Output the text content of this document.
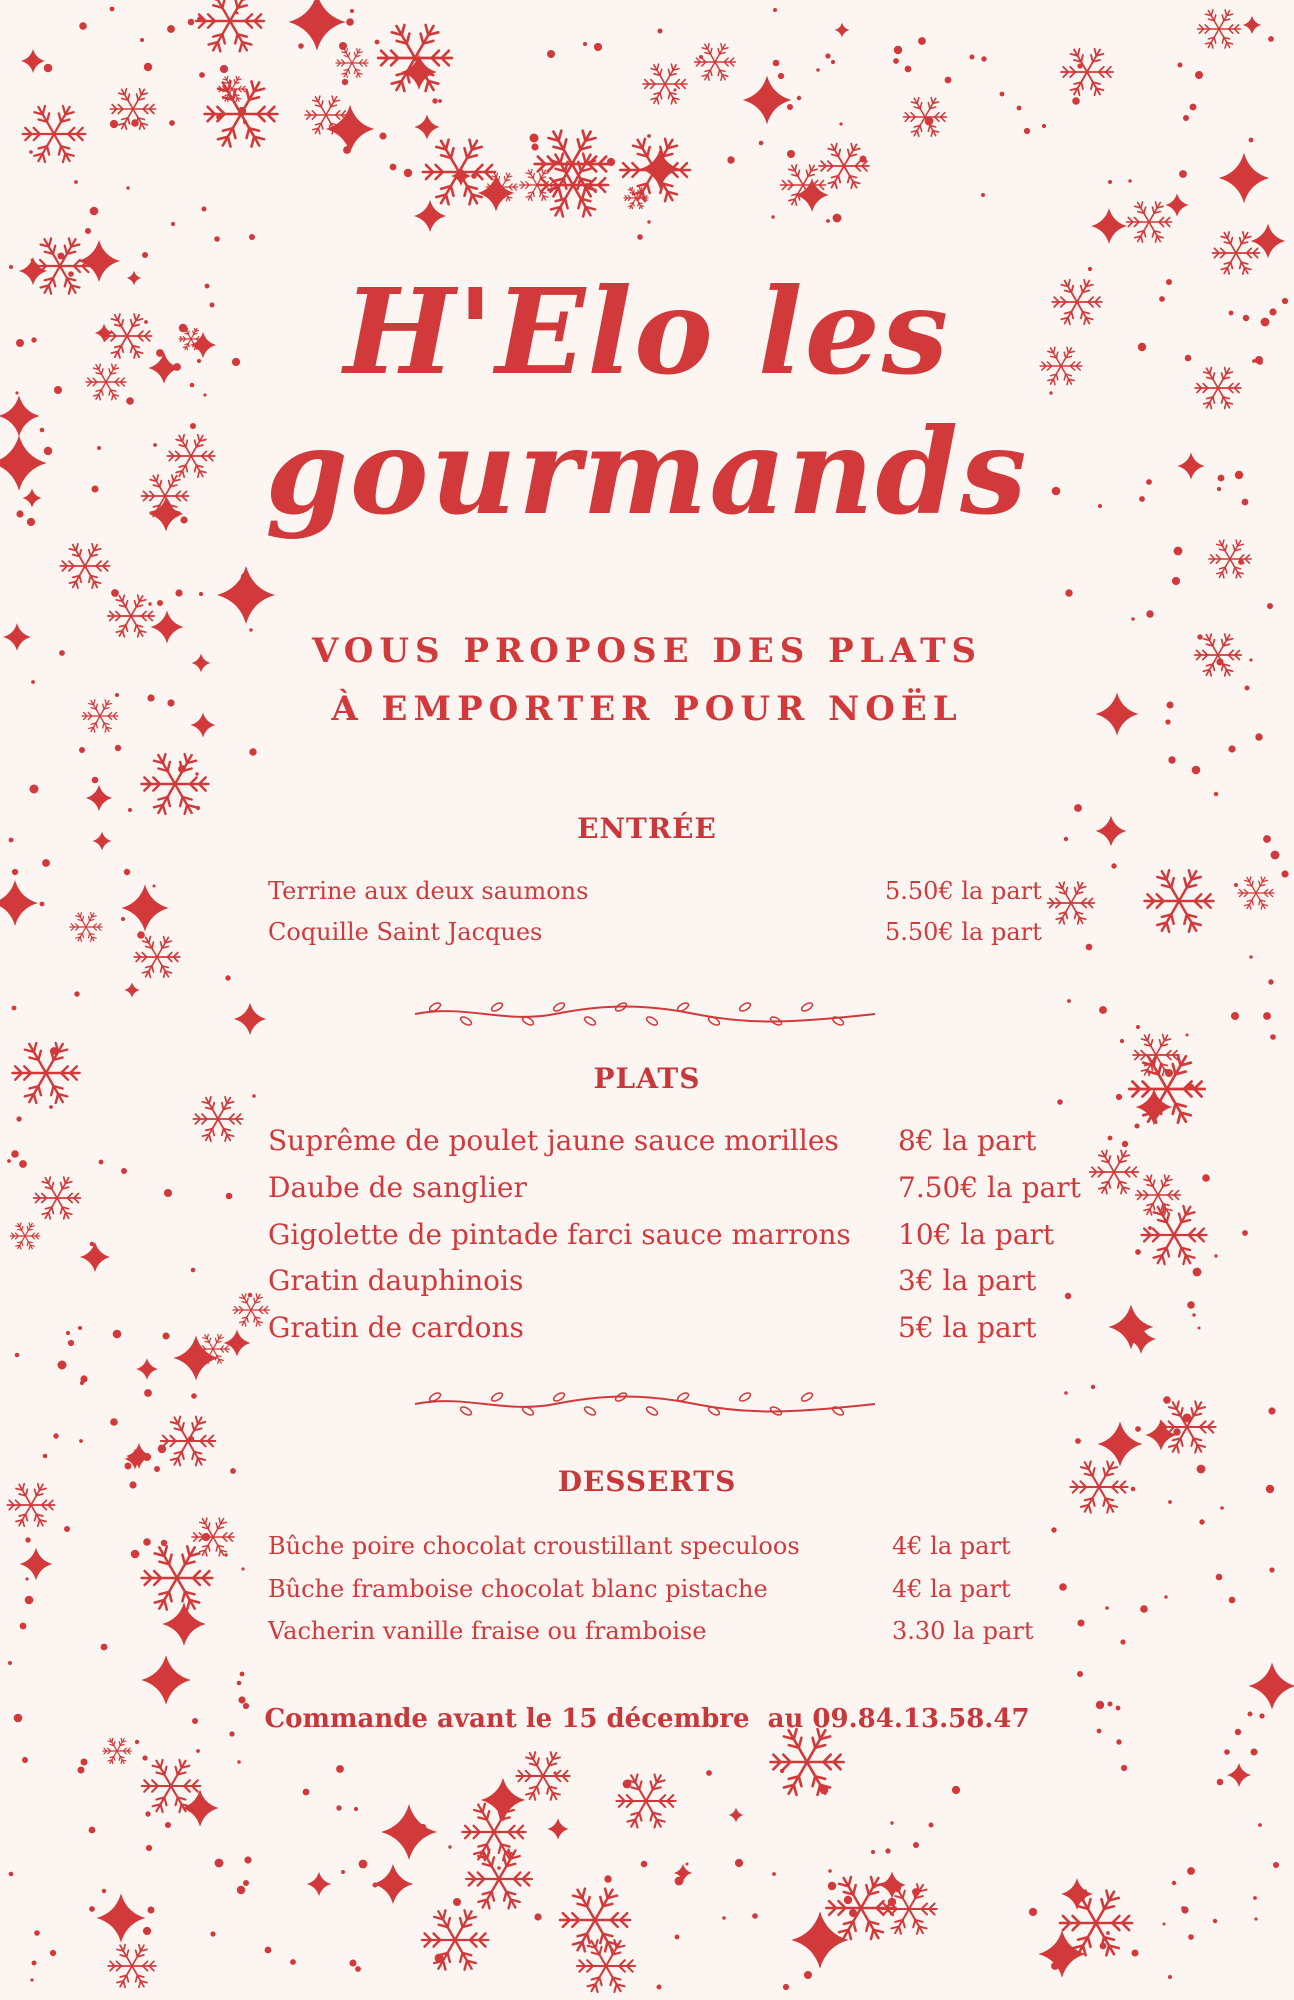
H'Elo les
gourmands
VOUS PROPOSE DES PLATS
À EMPORTER POUR NOËL
ENTRÉE
Terrine aux deux saumons	5.50€ la part
Coquille Saint Jacques	5.50€ la part
PLATS
Suprême de poulet jaune sauce morilles 8€ la part
Daube de sanglier	7.50€ la part
Gigolette de pintade farci sauce marrons 10€ la part
Gratin dauphinois	3€ la part
Gratin de cardons	5€ la part
DESSERTS
Bûche poire chocolat croustillant speculoos	4€ la part
Bûche framboise chocolat blanc pistache	4€ la part
Vacherin vanille fraise ou framboise	3.30 la part
Commande avant le 15 décembre  au 09.84.13.58.47
